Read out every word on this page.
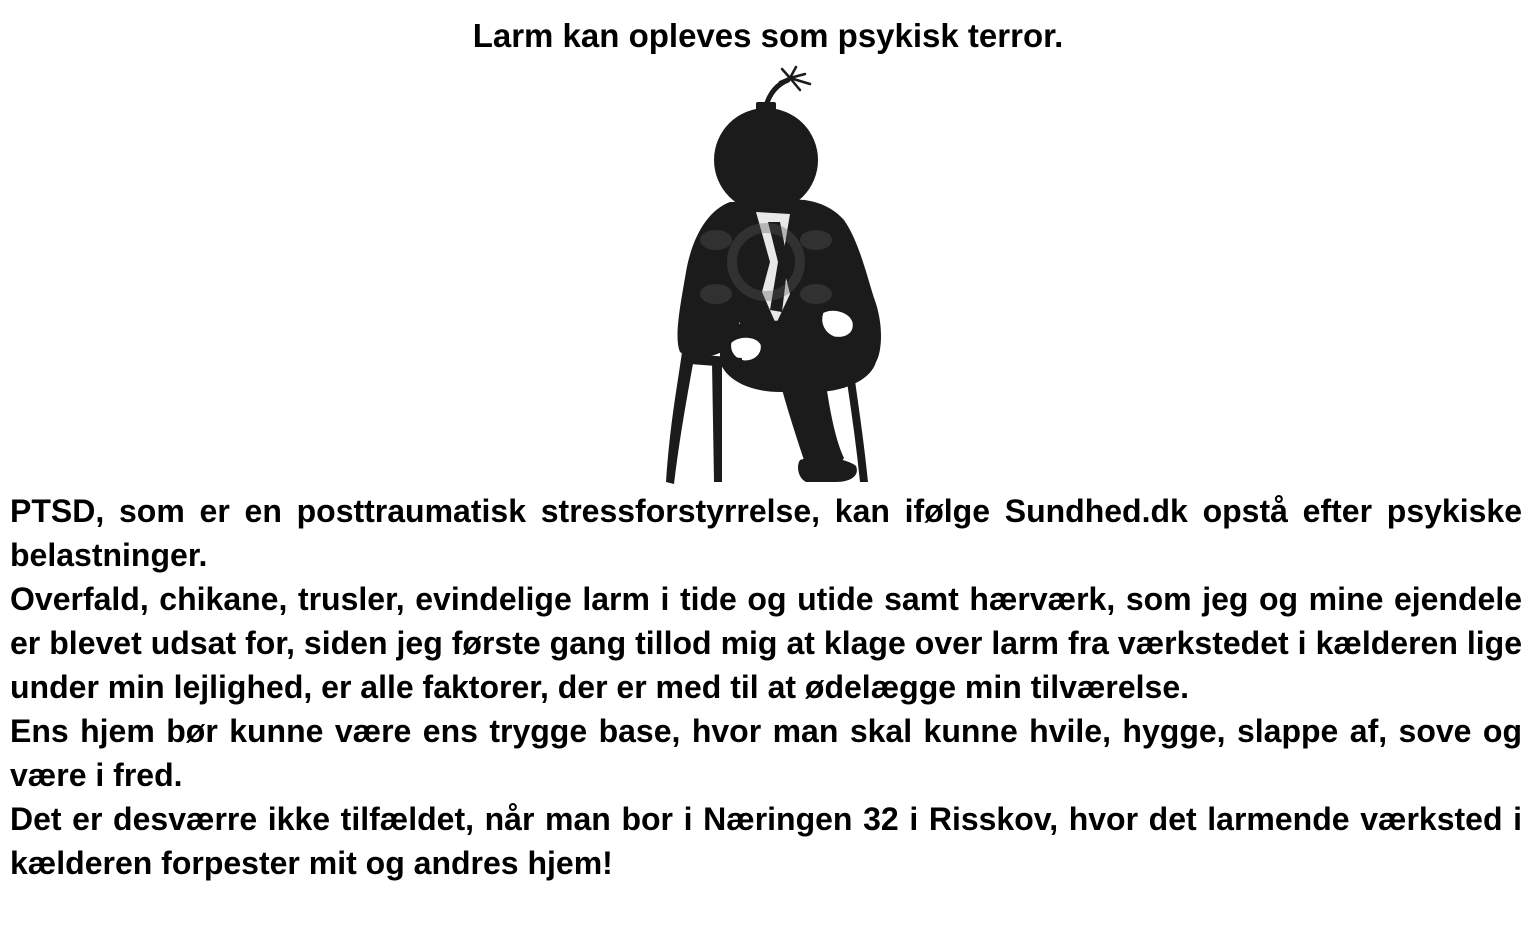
Larm kan opleves som psykisk terror.

PTSD, som er en posttraumatisk stressforstyrrelse, kan ifølge Sundhed.dk opstå efter psykiske belastninger.

Overfald, chikane, trusler, evindelige larm i tide og utide samt hærværk, som jeg og mine ejendele er blevet udsat for, siden jeg første gang tillod mig at klage over larm fra værkstedet i kælderen lige under min lejlighed, er alle faktorer, der er med til at ødelægge min tilværelse.

Ens hjem bør kunne være ens trygge base, hvor man skal kunne hvile, hygge, slappe af, sove og være i fred.

Det er desværre ikke tilfældet, når man bor i Næringen 32 i Risskov, hvor det larmende værksted i kælderen forpester mit og andres hjem!
